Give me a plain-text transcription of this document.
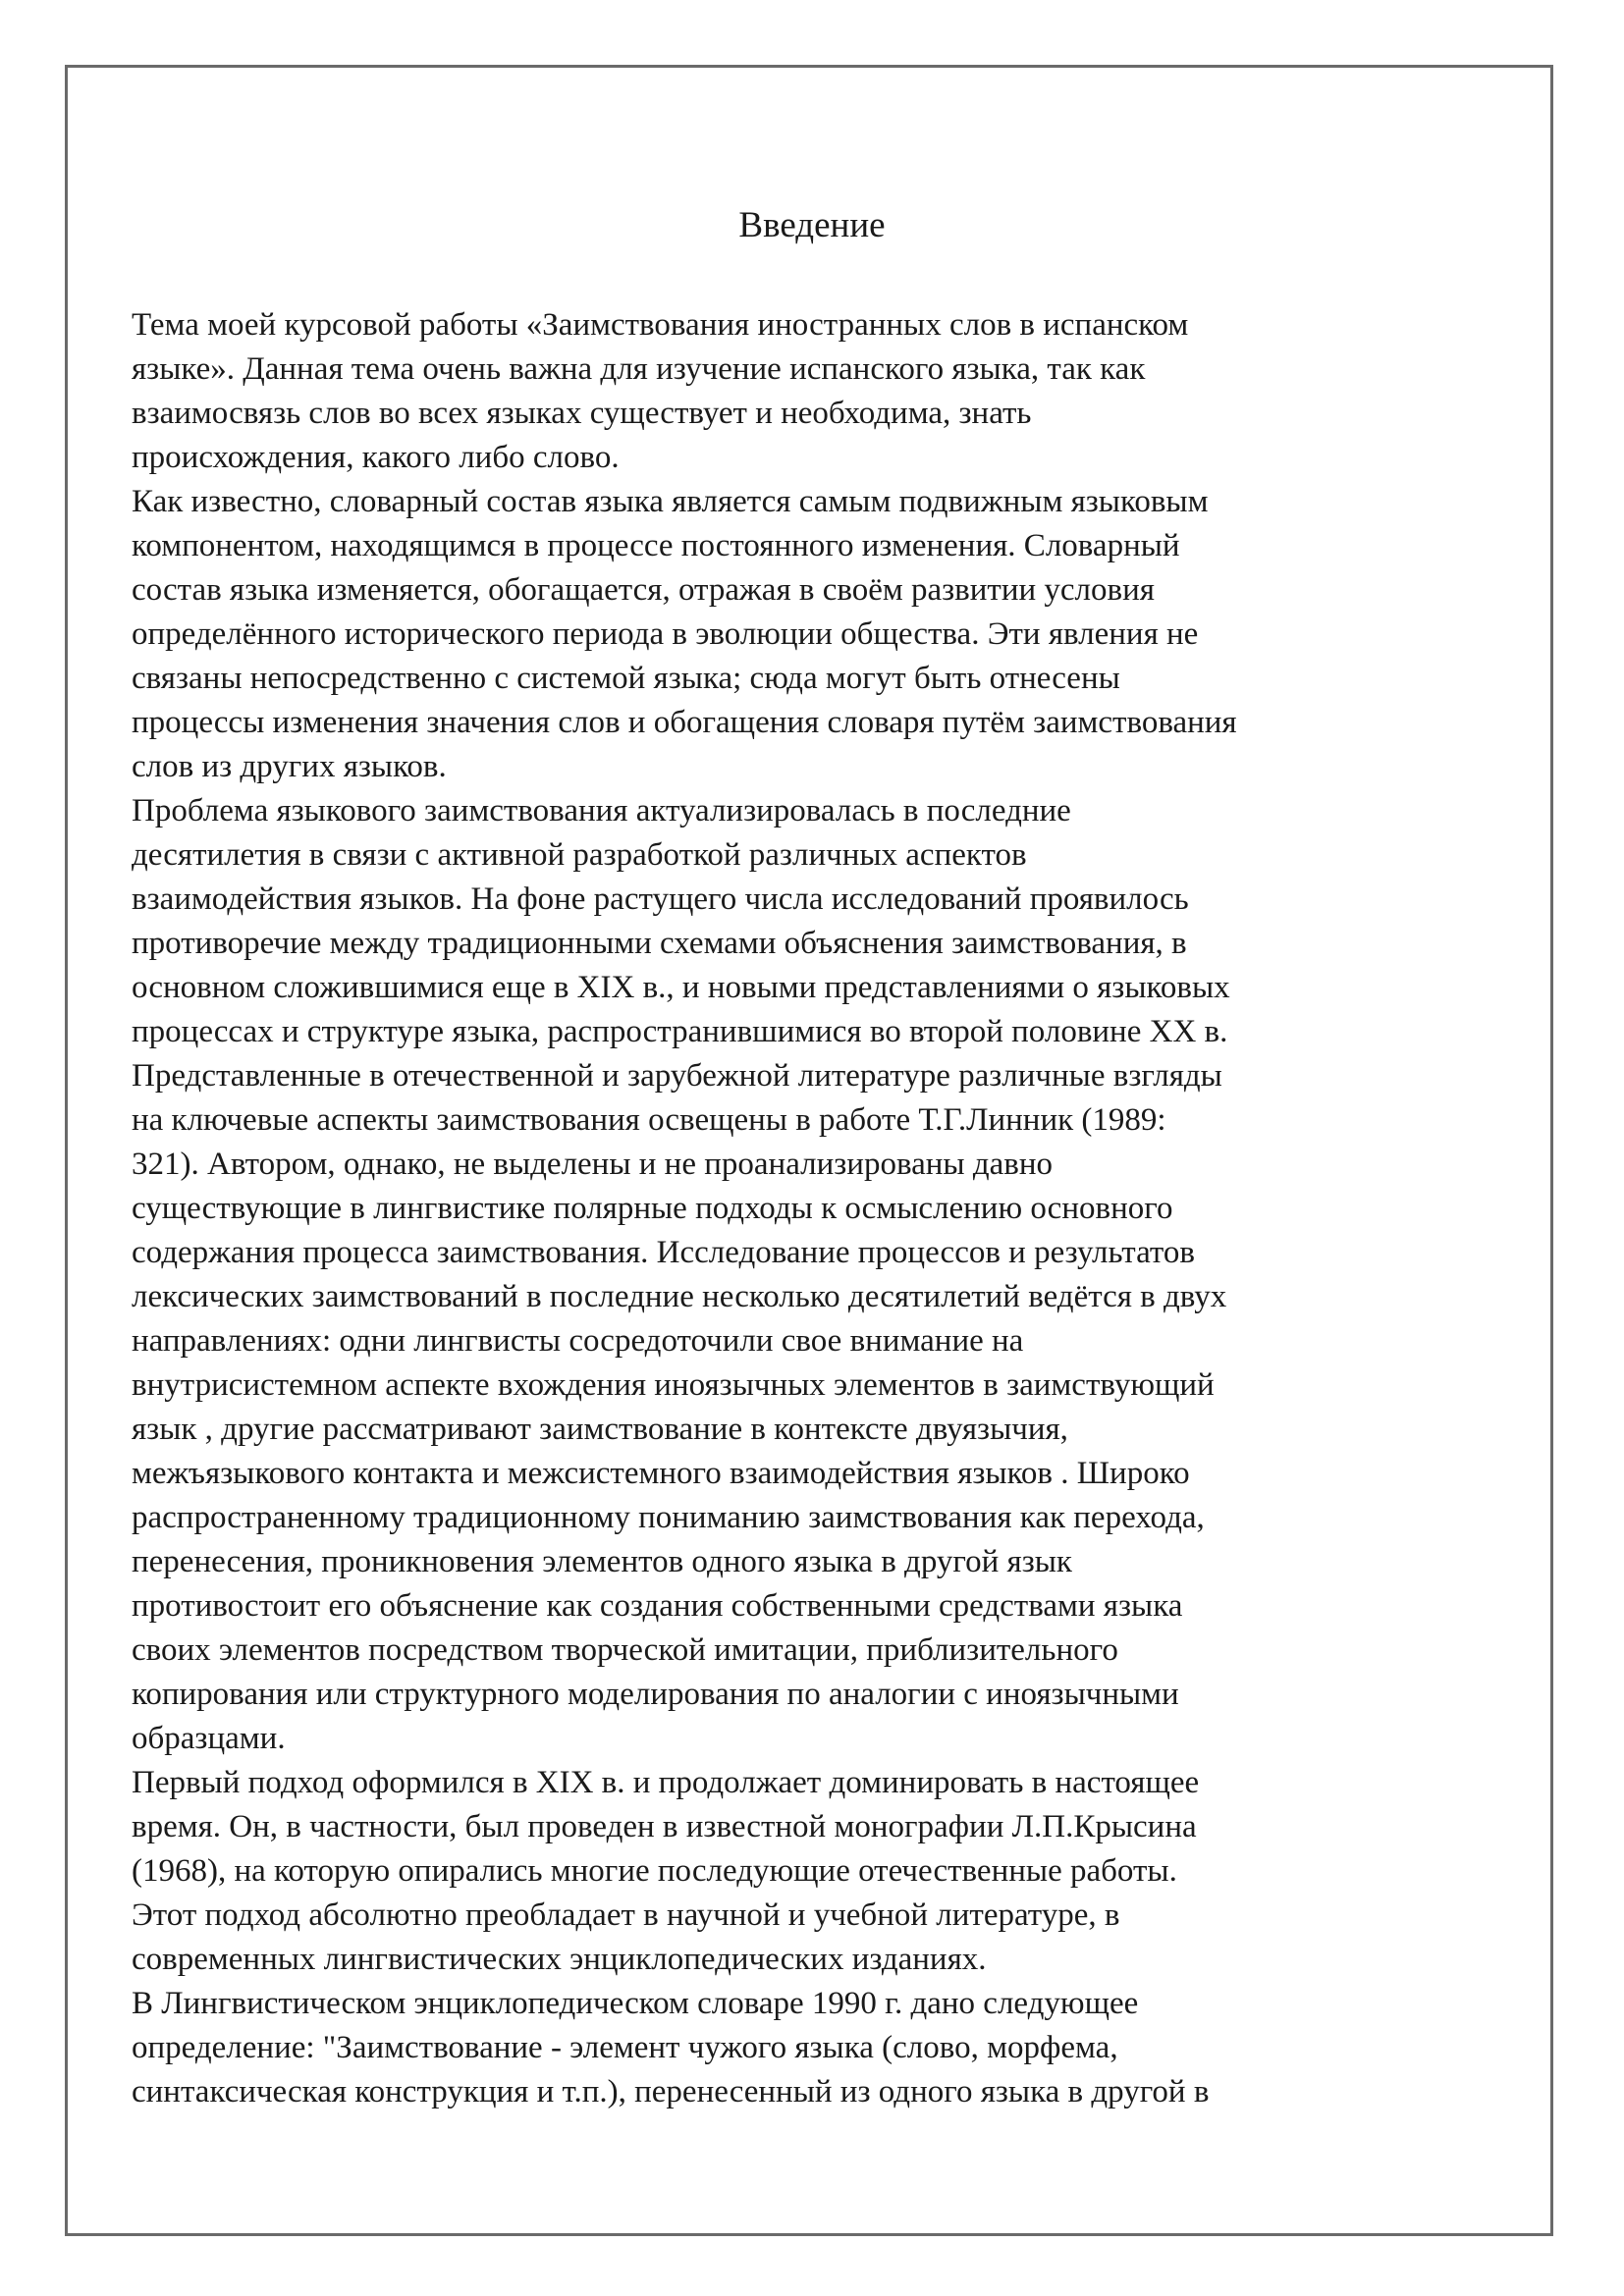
Введение
Тема моей курсовой работы «Заимствования иностранных слов в испанском
языке». Данная тема очень важна для изучение испанского языка, так как
взаимосвязь слов во всех языках существует и необходима, знать
происхождения, какого либо слово.
Как известно, словарный состав языка является самым подвижным языковым
компонентом, находящимся в процессе постоянного изменения. Словарный
состав языка изменяется, обогащается, отражая в своём развитии условия
определённого исторического периода в эволюции общества. Эти явления не
связаны непосредственно с системой языка; сюда могут быть отнесены
процессы изменения значения слов и обогащения словаря путём заимствования
слов из других языков.
Проблема языкового заимствования актуализировалась в последние
десятилетия в связи с активной разработкой различных аспектов
взаимодействия языков. На фоне растущего числа исследований проявилось
противоречие между традиционными схемами объяснения заимствования, в
основном сложившимися еще в XIX в., и новыми представлениями о языковых
процессах и структуре языка, распространившимися во второй половине XX в.
Представленные в отечественной и зарубежной литературе различные взгляды
на ключевые аспекты заимствования освещены в работе Т.Г.Линник (1989:
321). Автором, однако, не выделены и не проанализированы давно
существующие в лингвистике полярные подходы к осмыслению основного
содержания процесса заимствования. Исследование процессов и результатов
лексических заимствований в последние несколько десятилетий ведётся в двух
направлениях: одни лингвисты сосредоточили свое внимание на
внутрисистемном аспекте вхождения иноязычных элементов в заимствующий
язык , другие рассматривают заимствование в контексте двуязычия,
межъязыкового контакта и межсистемного взаимодействия языков . Широко
распространенному традиционному пониманию заимствования как перехода,
перенесения, проникновения элементов одного языка в другой язык
противостоит его объяснение как создания собственными средствами языка
своих элементов посредством творческой имитации, приблизительного
копирования или структурного моделирования по аналогии с иноязычными
образцами.
Первый подход оформился в XIX в. и продолжает доминировать в настоящее
время. Он, в частности, был проведен в известной монографии Л.П.Крысина
(1968), на которую опирались многие последующие отечественные работы.
Этот подход абсолютно преобладает в научной и учебной литературе, в
современных лингвистических энциклопедических изданиях.
В Лингвистическом энциклопедическом словаре 1990 г. дано следующее
определение: "Заимствование - элемент чужого языка (слово, морфема,
синтаксическая конструкция и т.п.), перенесенный из одного языка в другой в
